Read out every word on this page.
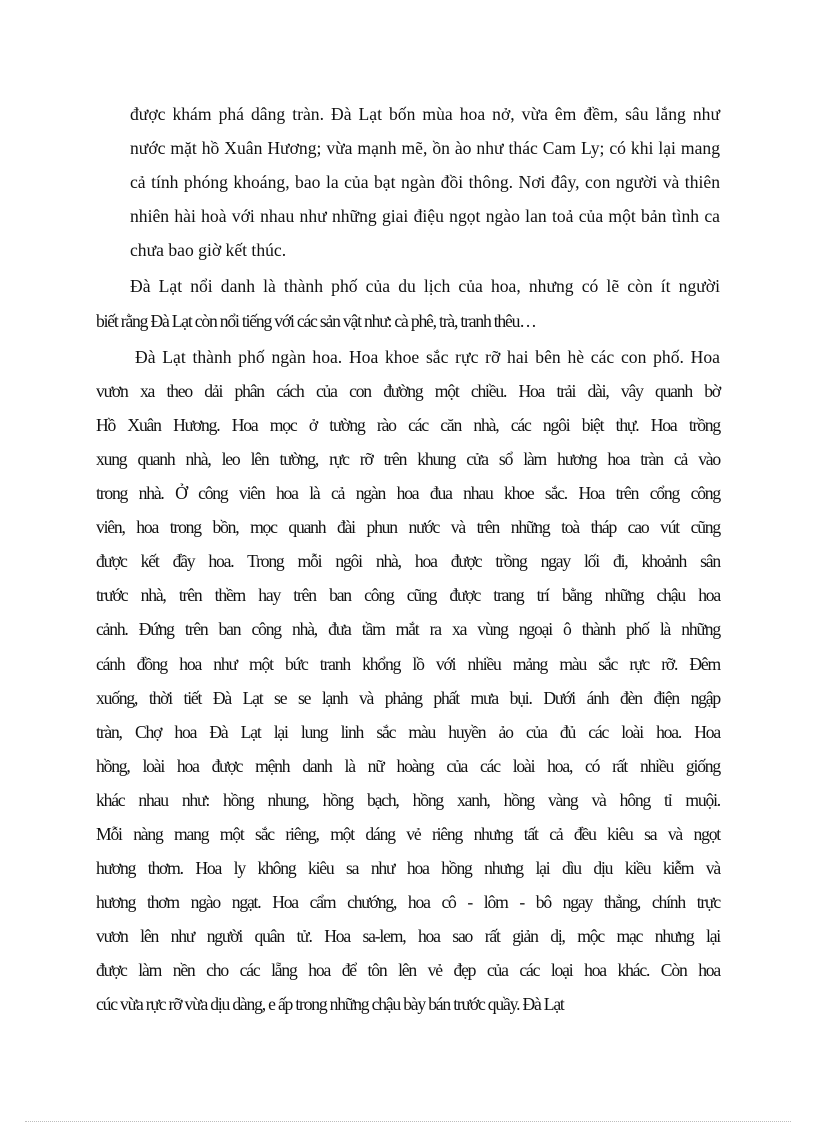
được khám phá dâng tràn. Đà Lạt bốn mùa hoa nở, vừa êm đềm, sâu lắng như
nước mặt hồ Xuân Hương; vừa mạnh mẽ, ồn ào như thác Cam Ly; có khi lại mang
cả tính phóng khoáng, bao la của bạt ngàn đồi thông. Nơi đây, con người và thiên
nhiên hài hoà với nhau như những giai điệu ngọt ngào lan toả của một bản tình ca
chưa bao giờ kết thúc.

Đà Lạt nổi danh là thành phố của du lịch của hoa, nhưng có lẽ còn ít người
biết rằng Đà Lạt còn nổi tiếng với các sản vật như: cà phê, trà, tranh thêu…

Đà Lạt thành phố ngàn hoa. Hoa khoe sắc rực rỡ hai bên hè các con phố. Hoa
vươn xa theo dải phân cách của con đường một chiều. Hoa trải dài, vây quanh bờ
Hồ Xuân Hương. Hoa mọc ở tường rào các căn nhà, các ngôi biệt thự. Hoa trồng
xung quanh nhà, leo lên tường, rực rỡ trên khung cửa sổ làm hương hoa tràn cả vào
trong nhà. Ở công viên hoa là cả ngàn hoa đua nhau khoe sắc. Hoa trên cổng công
viên, hoa trong bồn, mọc quanh đài phun nước và trên những toà tháp cao vút cũng
được kết đầy hoa. Trong mỗi ngôi nhà, hoa được trồng ngay lối đi, khoảnh sân
trước nhà, trên thềm hay trên ban công cũng được trang trí bằng những chậu hoa
cảnh. Đứng trên ban công nhà, đưa tầm mắt ra xa vùng ngoại ô thành phố là những
cánh đồng hoa như một bức tranh khổng lồ với nhiều mảng màu sắc rực rỡ. Đêm
xuống, thời tiết Đà Lạt se se lạnh và phảng phất mưa bụi. Dưới ánh đèn điện ngập
tràn, Chợ hoa Đà Lạt lại lung linh sắc màu huyền ảo của đủ các loài hoa. Hoa
hồng, loài hoa được mệnh danh là nữ hoàng của các loài hoa, có rất nhiều giống
khác nhau như: hồng nhung, hồng bạch, hồng xanh, hồng vàng và hông tỉ muội.
Mỗi nàng mang một sắc riêng, một dáng vẻ riêng nhưng tất cả đều kiêu sa và ngọt
hương thơm. Hoa ly không kiêu sa như hoa hồng nhưng lại dìu dịu kiều kiễm và
hương thơm ngào ngạt. Hoa cẩm chướng, hoa cô - lôm - bô ngay thẳng, chính trực
vươn lên như người quân tử. Hoa sa-lem, hoa sao rất giản dị, mộc mạc nhưng lại
được làm nền cho các lẵng hoa để tôn lên vẻ đẹp của các loại hoa khác. Còn hoa
cúc vừa rực rỡ vừa dịu dàng, e ấp trong những chậu bày bán trước quầy. Đà Lạt
